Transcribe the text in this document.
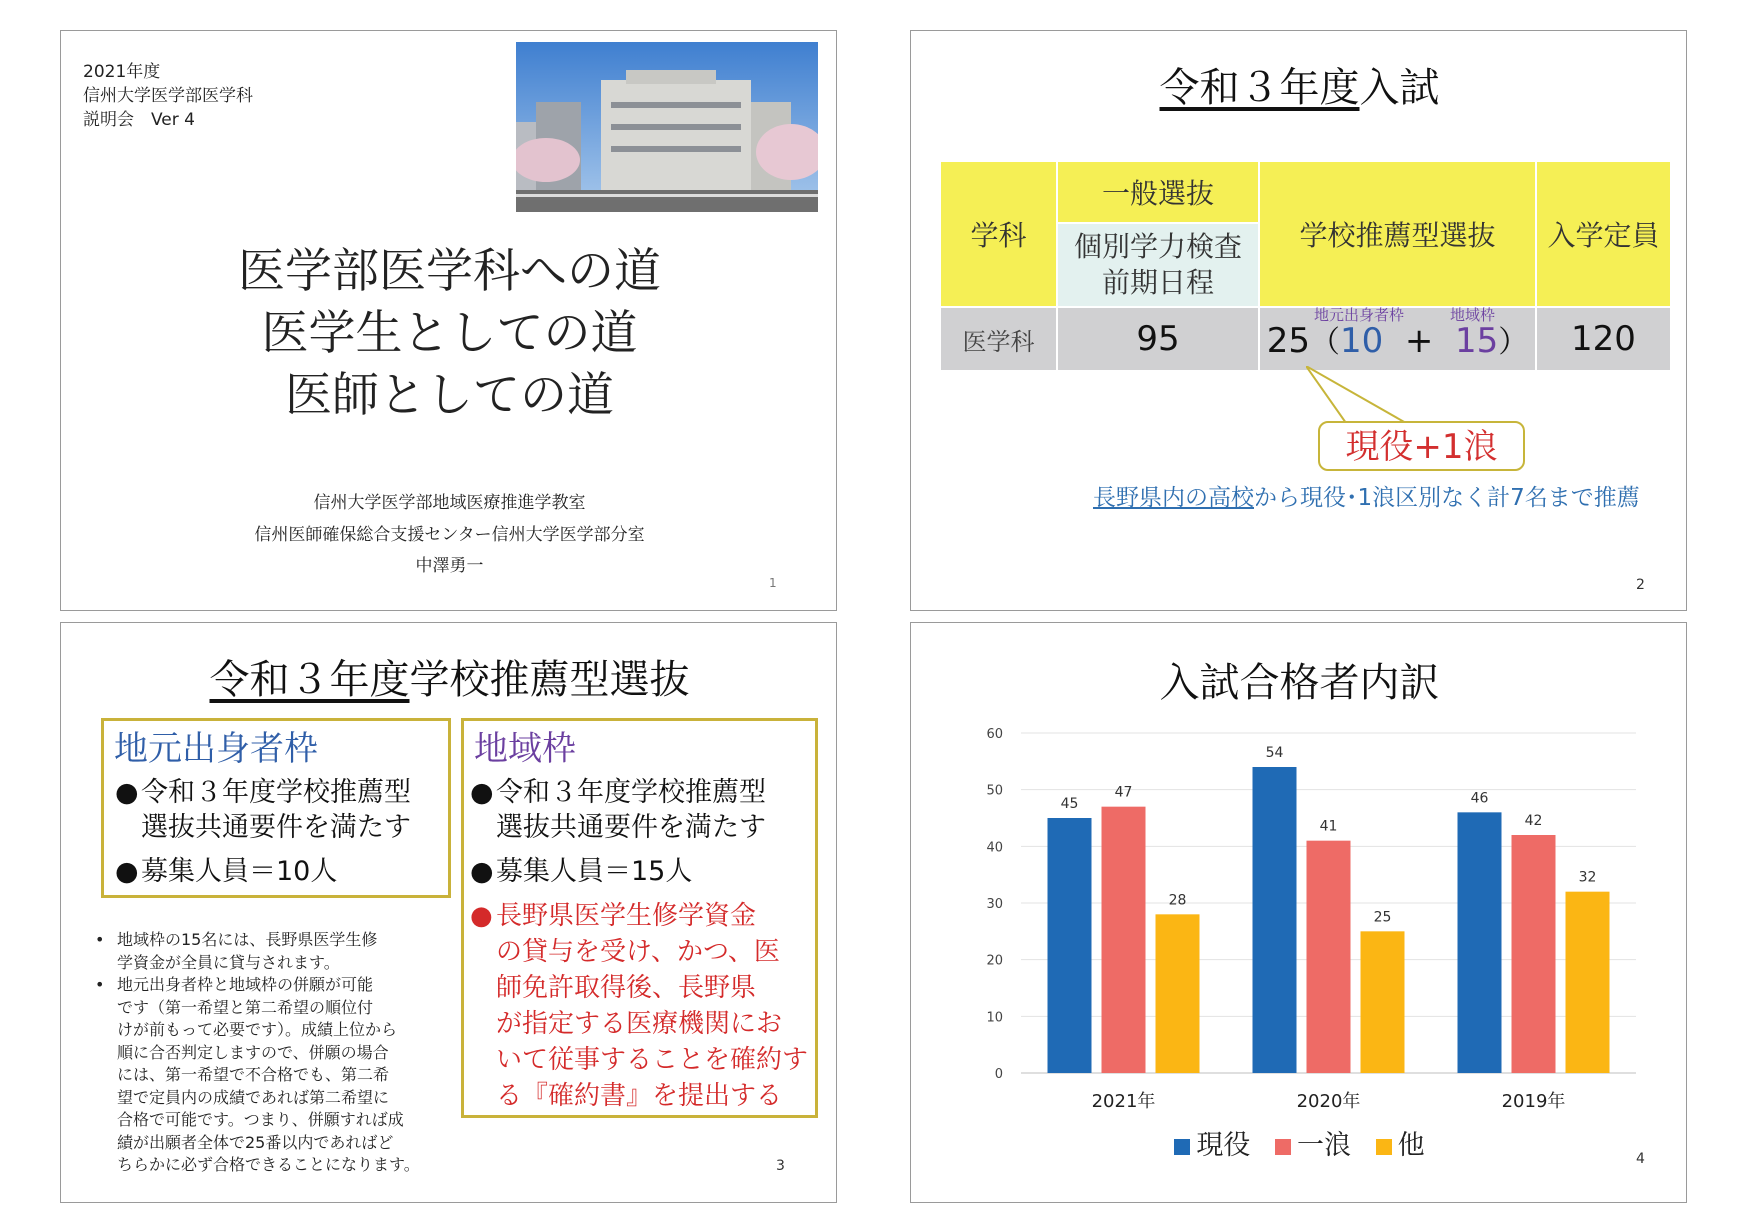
2021年度
信州大学医学部医学科
説明会　Ver 4
医学部医学科への道
医学生としての道
医師としての道
信州大学医学部地域医療推進学教室
信州医師確保総合支援センター信州大学医学部分室
中澤勇一
1
令和３年度入試
学科	一般選抜	学校推薦型選抜	入学定員

	個別学力検査
前期日程		

医学科	95	25（10 + 15）	120
地元出身者枠	地域枠
現役+1浪
長野県内の高校から現役･1浪区別なく計7名まで推薦
2
令和３年度学校推薦型選抜
地元出身者枠
● 令和３年度学校推薦型
選抜共通要件を満たす
● 募集人員＝10人
地域枠
● 令和３年度学校推薦型
選抜共通要件を満たす
● 募集人員＝15人
● 長野県医学生修学資金
の貸与を受け、かつ、医
師免許取得後、長野県
が指定する医療機関にお
いて従事することを確約す
る『確約書』を提出する
• 地域枠の15名には、長野県医学生修
学資金が全員に貸与されます。
• 地元出身者枠と地域枠の併願が可能
です（第一希望と第二希望の順位付
けが前もって必要です）。成績上位から
順に合否判定しますので、併願の場合
には、第一希望で不合格でも、第二希
望で定員内の成績であれば第二希望に
合格で可能です。つまり、併願すれば成
績が出願者全体で25番以内であればど
ちらかに必ず合格できることになります。	3
入試合格者内訳
0
10
20
30
40
50
60
45
47
28
2021年
54
41
25
2020年
46
42
32
2019年
現役 一浪 他	4
